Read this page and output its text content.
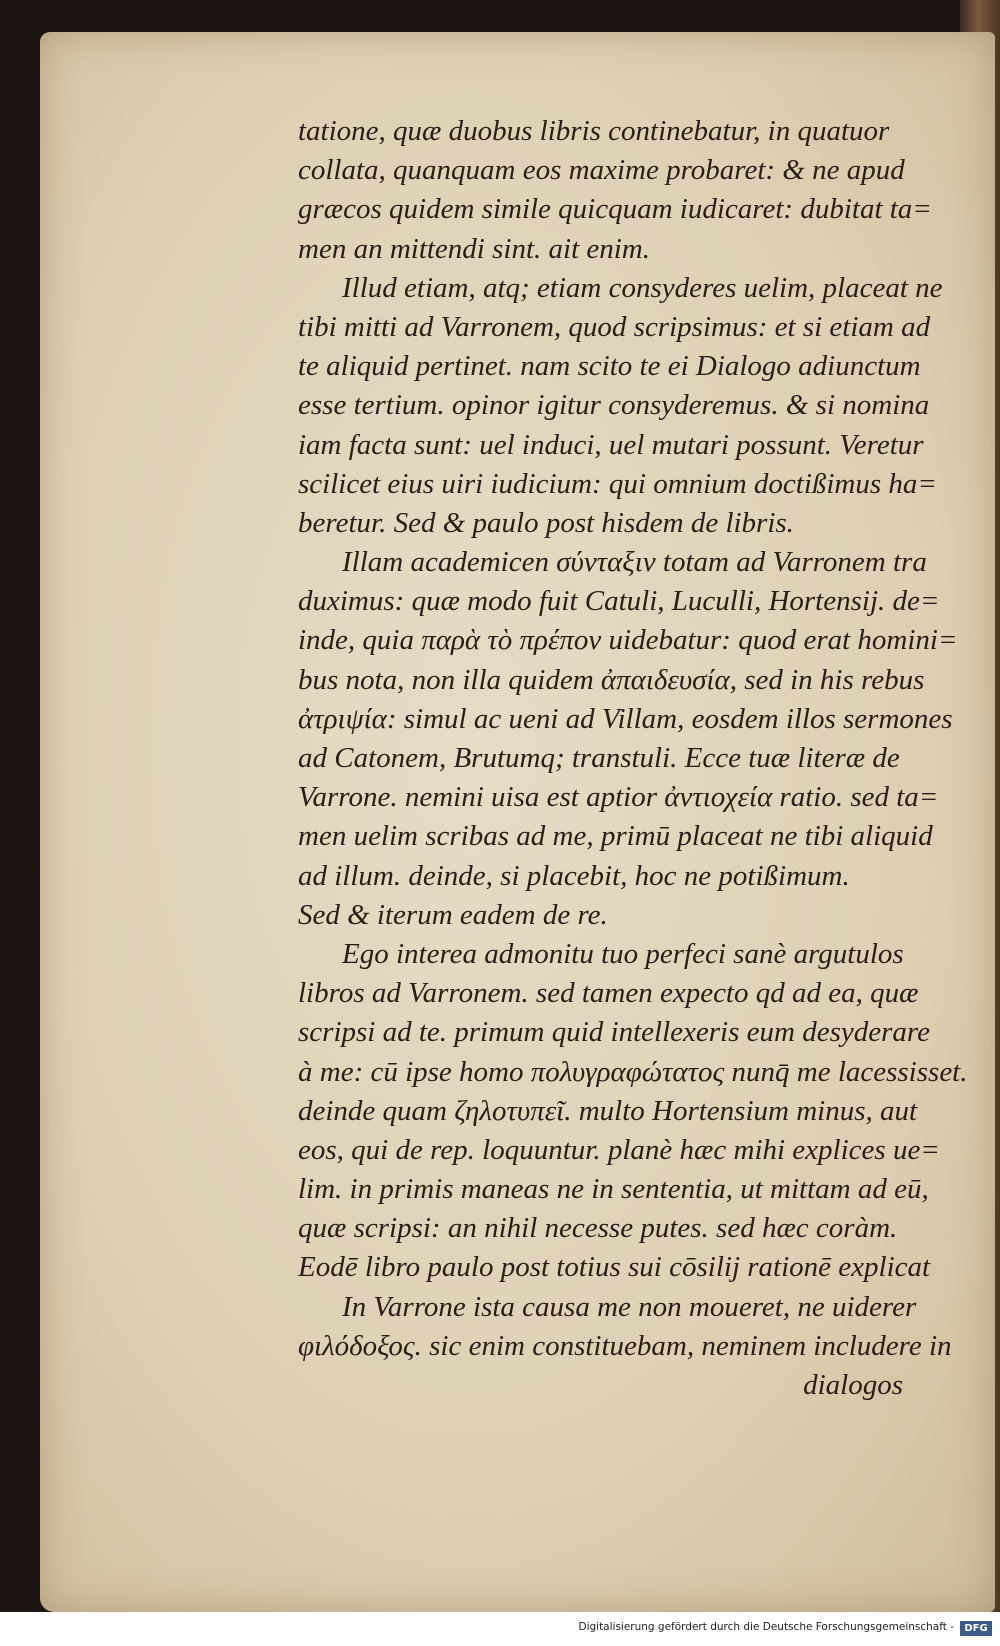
tatione, quæ duobus libris continebatur, in quatuor
collata, quanquam eos maxime probaret: & ne apud
græcos quidem simile quicquam iudicaret: dubitat ta=
men an mittendi sint. ait enim.
Illud etiam, atq; etiam consyderes uelim, placeat ne
tibi mitti ad Varronem, quod scripsimus: et si etiam ad
te aliquid pertinet. nam scito te ei Dialogo adiunctum
esse tertium. opinor igitur consyderemus. & si nomina
iam facta sunt: uel induci, uel mutari possunt. Veretur
scilicet eius uiri iudicium: qui omnium doctißimus ha=
beretur. Sed & paulo post hisdem de libris.
Illam academicen σύνταξιν totam ad Varronem tra
duximus: quæ modo fuit Catuli, Luculli, Hortensij. de=
inde, quia παρὰ τὸ πρέπον uidebatur: quod erat homini=
bus nota, non illa quidem ἀπαιδευσία, sed in his rebus
ἀτριψία: simul ac ueni ad Villam, eosdem illos sermones
ad Catonem, Brutumq; transtuli. Ecce tuæ literæ de
Varrone. nemini uisa est aptior ἀντιοχεία ratio. sed ta=
men uelim scribas ad me, primū placeat ne tibi aliquid
ad illum. deinde, si placebit, hoc ne potißimum.
Sed & iterum eadem de re.
Ego interea admonitu tuo perfeci sanè argutulos
libros ad Varronem. sed tamen expecto qd ad ea, quæ
scripsi ad te. primum quid intellexeris eum desyderare
à me: cū ipse homo πολυγραφώτατος nunq̄ me lacessisset.
deinde quam ζηλοτυπεῖ. multo Hortensium minus, aut
eos, qui de rep. loquuntur. planè hæc mihi explices ue=
lim. in primis maneas ne in sententia, ut mittam ad eū,
quæ scripsi: an nihil necesse putes. sed hæc coràm.
Eodē libro paulo post totius sui cōsilij rationē explicat
In Varrone ista causa me non moueret, ne uiderer
φιλόδοξος. sic enim constituebam, neminem includere in
dialogos
Digitalisierung gefördert durch die Deutsche Forschungsgemeinschaft -	DFG
